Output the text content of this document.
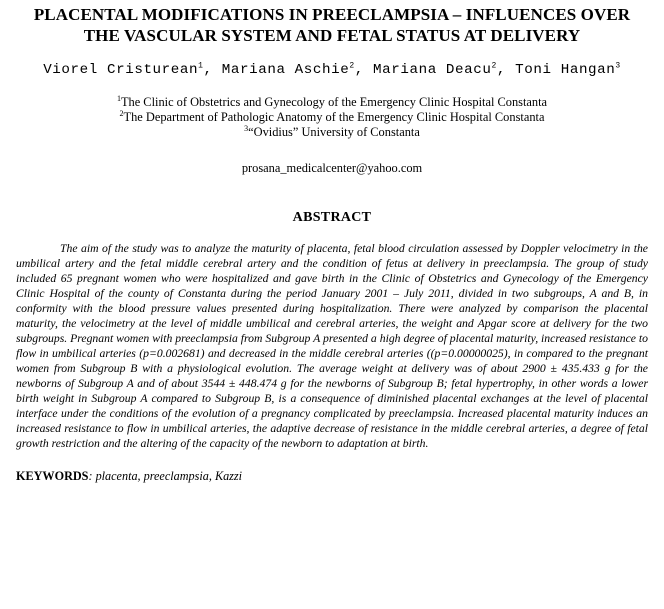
PLACENTAL MODIFICATIONS IN PREECLAMPSIA – INFLUENCES OVER THE VASCULAR SYSTEM AND FETAL STATUS AT DELIVERY
Viorel Cristurean$^1$, Mariana Aschie$^2$, Mariana Deacu$^2$, Toni Hangan$^3$
$^1$The Clinic of Obstetrics and Gynecology of the Emergency Clinic Hospital Constanta
$^2$The Department of Pathologic Anatomy of the Emergency Clinic Hospital Constanta
$^3$“Ovidius” University of Constanta
prosana_medicalcenter@yahoo.com
ABSTRACT

The aim of the study was to analyze the maturity of placenta, fetal blood circulation assessed by Doppler velocimetry in the umbilical artery and the fetal middle cerebral artery and the condition of fetus at delivery in preeclampsia. The group of study included 65 pregnant women who were hospitalized and gave birth in the Clinic of Obstetrics and Gynecology of the Emergency Clinic Hospital of the county of Constanta during the period January 2001 – July 2011, divided in two subgroups, A and B, in conformity with the blood pressure values presented during hospitalization. There were analyzed by comparison the placental maturity, the velocimetry at the level of middle umbilical and cerebral arteries, the weight and Apgar score at delivery for the two subgroups. Pregnant women with preeclampsia from Subgroup A presented a high degree of placental maturity, increased resistance to flow in umbilical arteries (p=0.002681) and decreased in the middle cerebral arteries ((p=0.00000025), in compared to the pregnant women from Subgroup B with a physiological evolution. The average weight at delivery was of about 2900 ± 435.433 g for the newborns of Subgroup A and of about 3544 ± 448.474 g for the newborns of Subgroup B; fetal hypertrophy, in other words a lower birth weight in Subgroup A compared to Subgroup B, is a consequence of diminished placental exchanges at the level of placental interface under the conditions of the evolution of a pregnancy complicated by preeclampsia. Increased placental maturity induces an increased resistance to flow in umbilical arteries, the adaptive decrease of resistance in the middle cerebral arteries, a degree of fetal growth restriction and the altering of the capacity of the newborn to adaptation at birth.

KEYWORDS: placenta, preeclampsia, Kazzi
